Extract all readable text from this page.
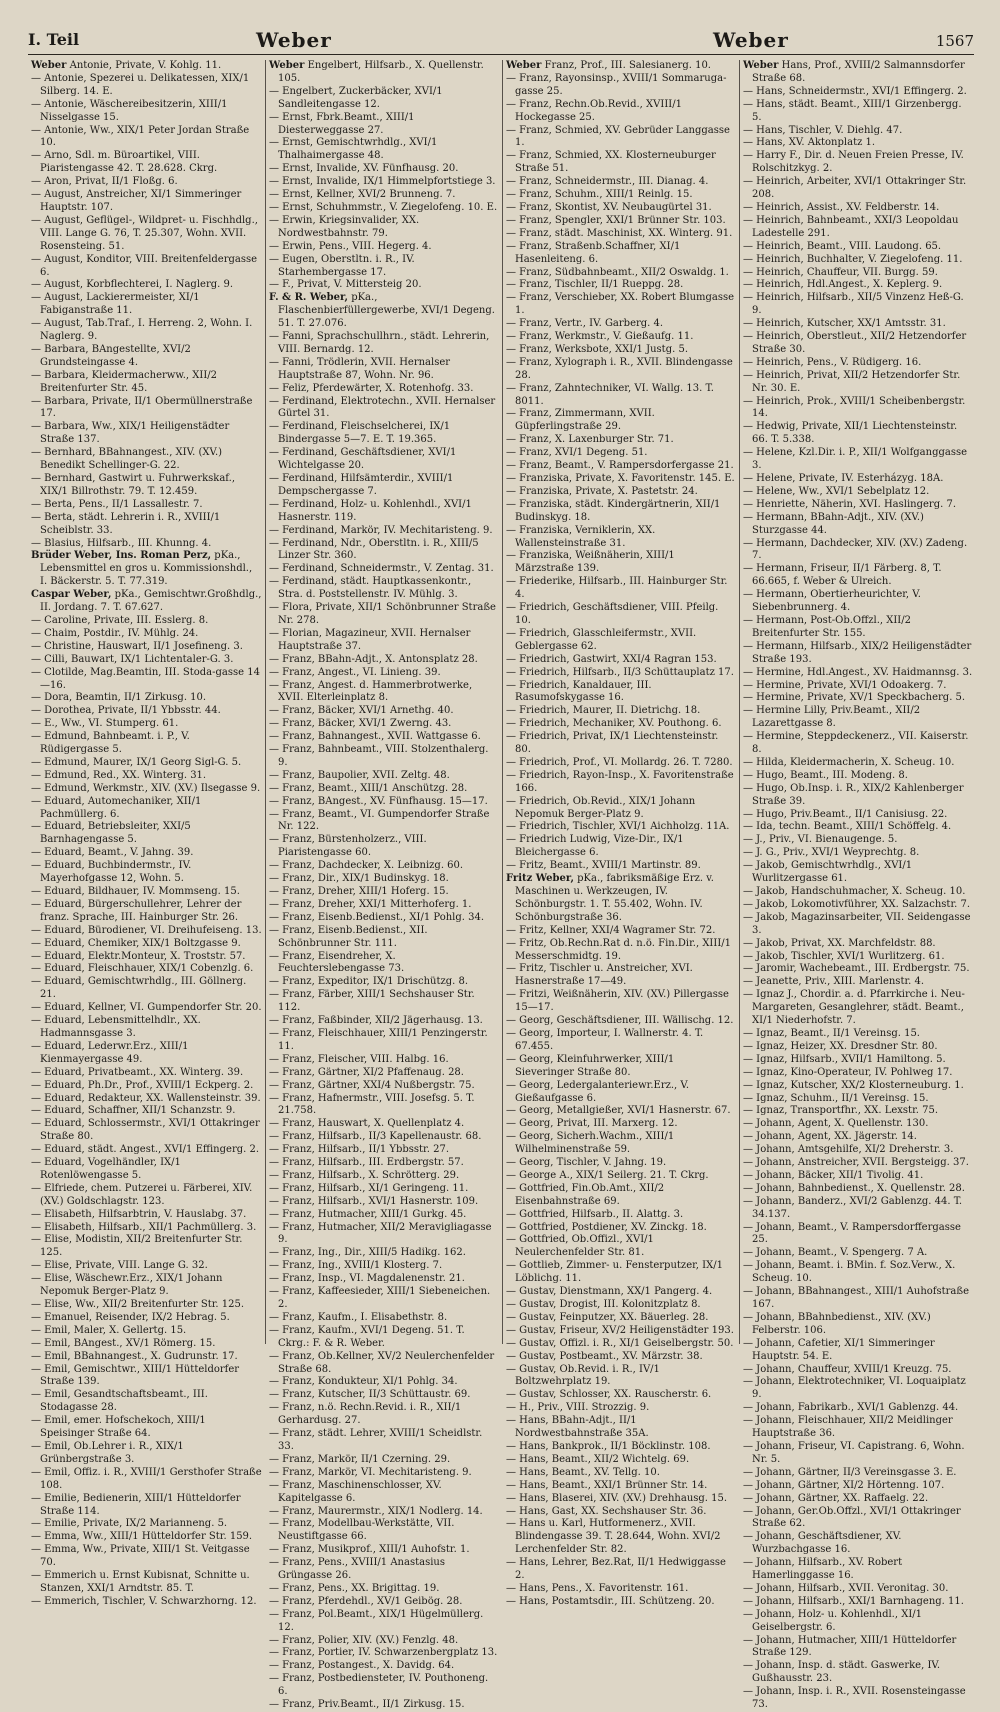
I. Teil	Weber	Weber	1567
Weber Antonie, Private, V. Kohlg. 11.
— Antonie, Spezerei u. Delikatessen, XIX/1 Silberg. 14. E.
— Antonie, Wäschereibesitzerin, XIII/1 Nisselgasse 15.
— Antonie, Ww., XIX/1 Peter Jordan Straße 10.
— Arno, Sdl. m. Büroartikel, VIII. Piaristengasse 42. T. 28.628. Ckrg.
— Aron, Privat, II/1 Floßg. 6.
— August, Anstreicher, XI/1 Simmeringer Hauptstr. 107.
— August, Geflügel-, Wildpret- u. Fischhdlg., VIII. Lange G. 76, T. 25.307, Wohn. XVII. Rosensteing. 51.
— August, Konditor, VIII. Breitenfeldergasse 6.
— August, Korbflechterei, I. Naglerg. 9.
— August, Lackierermeister, XI/1 Fabiganstraße 11.
— August, Tab.Traf., I. Herreng. 2, Wohn. I. Naglerg. 9.
— Barbara, BAngestellte, XVI/2 Grundsteingasse 4.
— Barbara, Kleidermacherww., XII/2 Breitenfurter Str. 45.
— Barbara, Private, II/1 Obermüllnerstraße 17.
— Barbara, Ww., XIX/1 Heiligenstädter Straße 137.
— Bernhard, BBahnangest., XIV. (XV.) Benedikt Schellinger-G. 22.
— Bernhard, Gastwirt u. Fuhrwerkskaf., XIX/1 Billrothstr. 79. T. 12.459.
— Berta, Pens., II/1 Lassallestr. 7.
— Berta, städt. Lehrerin i. R., XVIII/1 Scheiblstr. 33.
— Blasius, Hilfsarb., III. Khunng. 4.
Brüder Weber, Ins. Roman Perz, pKa., Lebensmittel en gros u. Kommissionshdl., I. Bäckerstr. 5. T. 77.319.
Caspar Weber, pKa., Gemischtwr.Großhdlg., II. Jordang. 7. T. 67.627.
— Caroline, Private, III. Esslerg. 8.
— Chaim, Postdir., IV. Mühlg. 24.
— Christine, Hauswart, II/1 Josefineng. 3.
— Cilli, Bauwart, IX/1 Lichtentaler-G. 3.
— Clotilde, Mag.Beamtin, III. Stoda-gasse 14—16.
— Dora, Beamtin, II/1 Zirkusg. 10.
— Dorothea, Private, II/1 Ybbsstr. 44.
— E., Ww., VI. Stumperg. 61.
— Edmund, Bahnbeamt. i. P., V. Rüdigergasse 5.
— Edmund, Maurer, IX/1 Georg Sigl-G. 5.
— Edmund, Red., XX. Winterg. 31.
— Edmund, Werkmstr., XIV. (XV.) Ilsegasse 9.
— Eduard, Automechaniker, XII/1 Pachmüllerg. 6.
— Eduard, Betriebsleiter, XXI/5 Barnhagengasse 5.
— Eduard, Beamt., V. Jahng. 39.
— Eduard, Buchbindermstr., IV. Mayerhofgasse 12, Wohn. 5.
— Eduard, Bildhauer, IV. Mommseng. 15.
— Eduard, Bürgerschullehrer, Lehrer der franz. Sprache, III. Hainburger Str. 26.
— Eduard, Bürodiener, VI. Dreihufeiseng. 13.
— Eduard, Chemiker, XIX/1 Boltzgasse 9.
— Eduard, Elektr.Monteur, X. Troststr. 57.
— Eduard, Fleischhauer, XIX/1 Cobenzlg. 6.
— Eduard, Gemischtwrhdlg., III. Göllnerg. 21.
— Eduard, Kellner, VI. Gumpendorfer Str. 20.
— Eduard, Lebensmittelhdlr., XX. Hadmannsgasse 3.
— Eduard, Lederwr.Erz., XIII/1 Kienmayergasse 49.
— Eduard, Privatbeamt., XX. Winterg. 39.
— Eduard, Ph.Dr., Prof., XVIII/1 Eckperg. 2.
— Eduard, Redakteur, XX. Wallensteinstr. 39.
— Eduard, Schaffner, XII/1 Schanzstr. 9.
— Eduard, Schlossermstr., XVI/1 Ottakringer Straße 80.
— Eduard, städt. Angest., XVI/1 Effingerg. 2.
— Eduard, Vogelhändler, IX/1 Rotenlöwengasse 5.
— Elfriede, chem. Putzerei u. Färberei, XIV. (XV.) Goldschlagstr. 123.
— Elisabeth, Hilfsarbtrin, V. Hauslabg. 37.
— Elisabeth, Hilfsarb., XII/1 Pachmüllerg. 3.
— Elise, Modistin, XII/2 Breitenfurter Str. 125.
— Elise, Private, VIII. Lange G. 32.
— Elise, Wäschewr.Erz., XIX/1 Johann Nepomuk Berger-Platz 9.
— Elise, Ww., XII/2 Breitenfurter Str. 125.
— Emanuel, Reisender, IX/2 Hebrag. 5.
— Emil, Maler, X. Gellertg. 15.
— Emil, BAngest., XV/1 Römerg. 15.
— Emil, BBahnangest., X. Gudrunstr. 17.
— Emil, Gemischtwr., XIII/1 Hütteldorfer Straße 139.
— Emil, Gesandtschaftsbeamt., III. Stodagasse 28.
— Emil, emer. Hofschekoch, XIII/1 Speisinger Straße 64.
— Emil, Ob.Lehrer i. R., XIX/1 Grünbergstraße 3.
— Emil, Offiz. i. R., XVIII/1 Gersthofer Straße 108.
— Emilie, Bedienerin, XIII/1 Hütteldorfer Straße 114.
— Emilie, Private, IX/2 Marianneng. 5.
— Emma, Ww., XIII/1 Hütteldorfer Str. 159.
— Emma, Ww., Private, XIII/1 St. Veitgasse 70.
— Emmerich u. Ernst Kubisnat, Schnitte u. Stanzen, XXI/1 Arndtstr. 85. T.
— Emmerich, Tischler, V. Schwarzhorng. 12.
Weber Engelbert, Hilfsarb., X. Quellenstr. 105.
— Engelbert, Zuckerbäcker, XVI/1 Sandleitengasse 12.
— Ernst, Fbrk.Beamt., XIII/1 Diesterweggasse 27.
— Ernst, Gemischtwrhdlg., XVI/1 Thalhaimergasse 48.
— Ernst, Invalide, XV. Fünfhausg. 20.
— Ernst, Invalide, IX/1 Himmelpfortstiege 3.
— Ernst, Kellner, XVI/2 Brunneng. 7.
— Ernst, Schuhmmstr., V. Ziegelofeng. 10. E.
— Erwin, Kriegsinvalider, XX. Nordwestbahnstr. 79.
— Erwin, Pens., VIII. Hegerg. 4.
— Eugen, Oberstltn. i. R., IV. Starhembergasse 17.
— F., Privat, V. Mittersteig 20.
F. & R. Weber, pKa., Flaschenbierfüllergewerbe, XVI/1 Degeng. 51. T. 27.076.
— Fanni, Sprachschullhrn., städt. Lehrerin, VIII. Bernardg. 12.
— Fanni, Trödlerin, XVII. Hernalser Hauptstraße 87, Wohn. Nr. 96.
— Feliz, Pferdewärter, X. Rotenhofg. 33.
— Ferdinand, Elektrotechn., XVII. Hernalser Gürtel 31.
— Ferdinand, Fleischselcherei, IX/1 Bindergasse 5—7. E. T. 19.365.
— Ferdinand, Geschäftsdiener, XVI/1 Wichtelgasse 20.
— Ferdinand, Hilfsämterdir., XVIII/1 Dempschergasse 7.
— Ferdinand, Holz- u. Kohlenhdl., XVI/1 Hasnerstr. 119.
— Ferdinand, Markör, IV. Mechitaristeng. 9.
— Ferdinand, Ndr., Oberstltn. i. R., XIII/5 Linzer Str. 360.
— Ferdinand, Schneidermstr., V. Zentag. 31.
— Ferdinand, städt. Hauptkassenkontr., Stra. d. Poststellenstr. IV. Mühlg. 3.
— Flora, Private, XII/1 Schönbrunner Straße Nr. 278.
— Florian, Magazineur, XVII. Hernalser Hauptstraße 37.
— Franz, BBahn-Adjt., X. Antonsplatz 28.
— Franz, Angest., VI. Linieng. 39.
— Franz, Angest. d. Hammerbrotwerke, XVII. Elterleinplatz 8.
— Franz, Bäcker, XVI/1 Arnethg. 40.
— Franz, Bäcker, XVI/1 Zwerng. 43.
— Franz, Bahnangest., XVII. Wattgasse 6.
— Franz, Bahnbeamt., VIII. Stolzenthalerg. 9.
— Franz, Baupolier, XVII. Zeltg. 48.
— Franz, Beamt., XIII/1 Anschützg. 28.
— Franz, BAngest., XV. Fünfhausg. 15—17.
— Franz, Beamt., VI. Gumpendorfer Straße Nr. 122.
— Franz, Bürstenholzerz., VIII. Piaristengasse 60.
— Franz, Dachdecker, X. Leibnizg. 60.
— Franz, Dir., XIX/1 Budinskyg. 18.
— Franz, Dreher, XIII/1 Hoferg. 15.
— Franz, Dreher, XXI/1 Mitterhoferg. 1.
— Franz, Eisenb.Bedienst., XI/1 Pohlg. 34.
— Franz, Eisenb.Bedienst., XII. Schönbrunner Str. 111.
— Franz, Eisendreher, X. Feuchterslebengasse 73.
— Franz, Expeditor, IX/1 Drischützg. 8.
— Franz, Färber, XIII/1 Sechshauser Str. 112.
— Franz, Faßbinder, XII/2 Jägerhausg. 13.
— Franz, Fleischhauer, XIII/1 Penzingerstr. 11.
— Franz, Fleischer, VIII. Halbg. 16.
— Franz, Gärtner, XI/2 Pfaffenaug. 28.
— Franz, Gärtner, XXI/4 Nußbergstr. 75.
— Franz, Hafnermstr., VIII. Josefsg. 5. T. 21.758.
— Franz, Hauswart, X. Quellenplatz 4.
— Franz, Hilfsarb., II/3 Kapellenaustr. 68.
— Franz, Hilfsarb., II/1 Ybbsstr. 27.
— Franz, Hilfsarb., III. Erdbergstr. 57.
— Franz, Hilfsarb., X. Schrötterg. 29.
— Franz, Hilfsarb., XI/1 Geringeng. 11.
— Franz, Hilfsarb., XVI/1 Hasnerstr. 109.
— Franz, Hutmacher, XIII/1 Gurkg. 45.
— Franz, Hutmacher, XII/2 Meravigliagasse 9.
— Franz, Ing., Dir., XIII/5 Hadikg. 162.
— Franz, Ing., XVIII/1 Klosterg. 7.
— Franz, Insp., VI. Magdalenenstr. 21.
— Franz, Kaffeesieder, XIII/1 Siebeneichen. 2.
— Franz, Kaufm., I. Elisabethstr. 8.
— Franz, Kaufm., XVI/1 Degeng. 51. T. Ckrg.: F. & R. Weber.
— Franz, Ob.Kellner, XV/2 Neulerchenfelder Straße 68.
— Franz, Kondukteur, XI/1 Pohlg. 34.
— Franz, Kutscher, II/3 Schüttaustr. 69.
— Franz, n.ö. Rechn.Revid. i. R., XII/1 Gerhardusg. 27.
— Franz, städt. Lehrer, XVIII/1 Scheidlstr. 33.
— Franz, Markör, II/1 Czerning. 29.
— Franz, Markör, VI. Mechitaristeng. 9.
— Franz, Maschinenschlosser, XV. Kapitelgasse 6.
— Franz, Maurermstr., XIX/1 Nodlerg. 14.
— Franz, Modellbau-Werkstätte, VII. Neustiftgasse 66.
— Franz, Musikprof., XIII/1 Auhofstr. 1.
— Franz, Pens., XVIII/1 Anastasius Grüngasse 26.
— Franz, Pens., XX. Brigittag. 19.
— Franz, Pferdehdl., XV/1 Geibög. 28.
— Franz, Pol.Beamt., XIX/1 Hügelmüllerg. 12.
— Franz, Polier, XIV. (XV.) Fenzlg. 48.
— Franz, Portier, IV. Schwarzenbergplatz 13.
— Franz, Postangest., X. Davidg. 64.
— Franz, Postbediensteter, IV. Pouthoneng. 6.
— Franz, Priv.Beamt., II/1 Zirkusg. 15.
Weber Franz, Prof., III. Salesianerg. 10.
— Franz, Rayonsinsp., XVIII/1 Sommaruga-gasse 25.
— Franz, Rechn.Ob.Revid., XVIII/1 Hockegasse 25.
— Franz, Schmied, XV. Gebrüder Langgasse 1.
— Franz, Schmied, XX. Klosterneuburger Straße 51.
— Franz, Schneidermstr., III. Dianag. 4.
— Franz, Schuhm., XIII/1 Reinlg. 15.
— Franz, Skontist, XV. Neubaugürtel 31.
— Franz, Spengler, XXI/1 Brünner Str. 103.
— Franz, städt. Maschinist, XX. Winterg. 91.
— Franz, Straßenb.Schaffner, XI/1 Hasenleiteng. 6.
— Franz, Südbahnbeamt., XII/2 Oswaldg. 1.
— Franz, Tischler, II/1 Rueppg. 28.
— Franz, Verschieber, XX. Robert Blumgasse 1.
— Franz, Vertr., IV. Garberg. 4.
— Franz, Werkmstr., V. Gießaufg. 11.
— Franz, Werksbote, XXI/1 Justg. 5.
— Franz, Xylograph i. R., XVII. Blindengasse 28.
— Franz, Zahntechniker, VI. Wallg. 13. T. 8011.
— Franz, Zimmermann, XVII. Güpferlingstraße 29.
— Franz, X. Laxenburger Str. 71.
— Franz, XVI/1 Degeng. 51.
— Franz, Beamt., V. Rampersdorfergasse 21.
— Franziska, Private, X. Favoritenstr. 145. E.
— Franziska, Private, X. Pastetstr. 24.
— Franziska, städt. Kindergärtnerin, XII/1 Budinskyg. 18.
— Franziska, Verniklerin, XX. Wallensteinstraße 31.
— Franziska, Weißnäherin, XIII/1 Märzstraße 139.
— Friederike, Hilfsarb., III. Hainburger Str. 4.
— Friedrich, Geschäftsdiener, VIII. Pfeilg. 10.
— Friedrich, Glasschleifermstr., XVII. Geblergasse 62.
— Friedrich, Gastwirt, XXI/4 Ragran 153.
— Friedrich, Hilfsarb., II/3 Schüttauplatz 17.
— Friedrich, Kanaldauer, III. Rasumofskygasse 16.
— Friedrich, Maurer, II. Dietrichg. 18.
— Friedrich, Mechaniker, XV. Pouthong. 6.
— Friedrich, Privat, IX/1 Liechtensteinstr. 80.
— Friedrich, Prof., VI. Mollardg. 26. T. 7280.
— Friedrich, Rayon-Insp., X. Favoritenstraße 166.
— Friedrich, Ob.Revid., XIX/1 Johann Nepomuk Berger-Platz 9.
— Friedrich, Tischler, XVI/1 Aichholzg. 11A.
— Friedrich Ludwig, Vize-Dir., IX/1 Bleichergasse 6.
— Fritz, Beamt., XVIII/1 Martinstr. 89.
Fritz Weber, pKa., fabriksmäßige Erz. v. Maschinen u. Werkzeugen, IV. Schönburgstr. 1. T. 55.402, Wohn. IV. Schönburgstraße 36.
— Fritz, Kellner, XXI/4 Wagramer Str. 72.
— Fritz, Ob.Rechn.Rat d. n.ö. Fin.Dir., XIII/1 Messerschmidtg. 19.
— Fritz, Tischler u. Anstreicher, XVI. Hasnerstraße 17—49.
— Fritzi, Weißnäherin, XIV. (XV.) Pillergasse 15—17.
— Georg, Geschäftsdiener, III. Wällischg. 12.
— Georg, Importeur, I. Wallnerstr. 4. T. 67.455.
— Georg, Kleinfuhrwerker, XIII/1 Sieveringer Straße 80.
— Georg, Ledergalanteriewr.Erz., V. Gießaufgasse 6.
— Georg, Metallgießer, XVI/1 Hasnerstr. 67.
— Georg, Privat, III. Marxerg. 12.
— Georg, Sicherh.Wachm., XIII/1 Wilhelminenstraße 59.
— Georg, Tischler, V. Jahng. 19.
— George A., XIX/1 Seilerg. 21. T. Ckrg.
— Gottfried, Fin.Ob.Amt., XII/2 Eisenbahnstraße 69.
— Gottfried, Hilfsarb., II. Alattg. 3.
— Gottfried, Postdiener, XV. Zinckg. 18.
— Gottfried, Ob.Offizl., XVI/1 Neulerchenfelder Str. 81.
— Gottlieb, Zimmer- u. Fensterputzer, IX/1 Löblichg. 11.
— Gustav, Dienstmann, XX/1 Pangerg. 4.
— Gustav, Drogist, III. Kolonitzplatz 8.
— Gustav, Feinputzer, XX. Bäuerleg. 28.
— Gustav, Friseur, XV/2 Heiligenstädter 193.
— Gustav, Offizl. i. R., XI/1 Geiselbergstr. 50.
— Gustav, Postbeamt., XV. Märzstr. 38.
— Gustav, Ob.Revid. i. R., IV/1 Boltzwehrplatz 19.
— Gustav, Schlosser, XX. Rauscherstr. 6.
— H., Priv., VIII. Strozzig. 9.
— Hans, BBahn-Adjt., II/1 Nordwestbahnstraße 35A.
— Hans, Bankprok., II/1 Böcklinstr. 108.
— Hans, Beamt., XII/2 Wichtelg. 69.
— Hans, Beamt., XV. Tellg. 10.
— Hans, Beamt., XXI/1 Brünner Str. 14.
— Hans, Blaserei, XIV. (XV.) Drehhausg. 15.
— Hans, Gast, XX. Sechshauser Str. 36.
— Hans u. Karl, Hutformenerz., XVII. Blindengasse 39. T. 28.644, Wohn. XVI/2 Lerchenfelder Str. 82.
— Hans, Lehrer, Bez.Rat, II/1 Hedwiggasse 2.
— Hans, Pens., X. Favoritenstr. 161.
— Hans, Postamtsdir., III. Schützeng. 20.
Weber Hans, Prof., XVIII/2 Salmannsdorfer Straße 68.
— Hans, Schneidermstr., XVI/1 Effingerg. 2.
— Hans, städt. Beamt., XIII/1 Girzenbergg. 5.
— Hans, Tischler, V. Diehlg. 47.
— Hans, XV. Aktonplatz 1.
— Harry F., Dir. d. Neuen Freien Presse, IV. Rolschitzkyg. 2.
— Heinrich, Arbeiter, XVI/1 Ottakringer Str. 208.
— Heinrich, Assist., XV. Feldberstr. 14.
— Heinrich, Bahnbeamt., XXI/3 Leopoldau Ladestelle 291.
— Heinrich, Beamt., VIII. Laudong. 65.
— Heinrich, Buchhalter, V. Ziegelofeng. 11.
— Heinrich, Chauffeur, VII. Burgg. 59.
— Heinrich, Hdl.Angest., X. Keplerg. 9.
— Heinrich, Hilfsarb., XII/5 Vinzenz Heß-G. 9.
— Heinrich, Kutscher, XX/1 Amtsstr. 31.
— Heinrich, Oberstleut., XII/2 Hetzendorfer Straße 30.
— Heinrich, Pens., V. Rüdigerg. 16.
— Heinrich, Privat, XII/2 Hetzendorfer Str. Nr. 30. E.
— Heinrich, Prok., XVIII/1 Scheibenbergstr. 14.
— Hedwig, Private, XII/1 Liechtensteinstr. 66. T. 5.338.
— Helene, Kzl.Dir. i. P., XII/1 Wolfganggasse 3.
— Helene, Private, IV. Esterházyg. 18A.
— Helene, Ww., XVI/1 Sebelplatz 12.
— Henriette, Näherin, XVI. Haslingerg. 7.
— Hermann, BBahn-Adjt., XIV. (XV.) Sturzgasse 44.
— Hermann, Dachdecker, XIV. (XV.) Zadeng. 7.
— Hermann, Friseur, II/1 Färberg. 8, T. 66.665, f. Weber & Ulreich.
— Hermann, Obertierheurichter, V. Siebenbrunnerg. 4.
— Hermann, Post-Ob.Offzl., XII/2 Breitenfurter Str. 155.
— Hermann, Hilfsarb., XIX/2 Heiligenstädter Straße 193.
— Hermine, Hdl.Angest., XV. Haidmannsg. 3.
— Hermine, Private, XVI/1 Odoakerg. 7.
— Hermine, Private, XV/1 Speckbacherg. 5.
— Hermine Lilly, Priv.Beamt., XII/2 Lazarettgasse 8.
— Hermine, Steppdeckenerz., VII. Kaiserstr. 8.
— Hilda, Kleidermacherin, X. Scheug. 10.
— Hugo, Beamt., III. Modeng. 8.
— Hugo, Ob.Insp. i. R., XIX/2 Kahlenberger Straße 39.
— Hugo, Priv.Beamt., II/1 Canisiusg. 22.
— Ida, techn. Beamt., XIII/1 Schöffelg. 4.
— J., Priv., VI. Bienaugenge. 5.
— J. G., Priv., XVI/1 Weyprechtg. 8.
— Jakob, Gemischtwrhdlg., XVI/1 Wurlitzergasse 61.
— Jakob, Handschuhmacher, X. Scheug. 10.
— Jakob, Lokomotivführer, XX. Salzachstr. 7.
— Jakob, Magazinsarbeiter, VII. Seidengasse 3.
— Jakob, Privat, XX. Marchfeldstr. 88.
— Jakob, Tischler, XVI/1 Wurlitzerg. 61.
— Jaromir, Wachebeamt., III. Erdbergstr. 75.
— Jeanette, Priv., XIII. Marlenstr. 4.
— Ignaz J., Chordir. a. d. Pfarrkirche i. Neu-Margareten, Gesanglehrer, städt. Beamt., XI/1 Niederhofstr. 7.
— Ignaz, Beamt., II/1 Vereinsg. 15.
— Ignaz, Heizer, XX. Dresdner Str. 80.
— Ignaz, Hilfsarb., XVII/1 Hamiltong. 5.
— Ignaz, Kino-Operateur, IV. Pohlweg 17.
— Ignaz, Kutscher, XX/2 Klosterneuburg. 1.
— Ignaz, Schuhm., II/1 Vereinsg. 15.
— Ignaz, Transportfhr., XX. Lexstr. 75.
— Johann, Agent, X. Quellenstr. 130.
— Johann, Agent, XX. Jägerstr. 14.
— Johann, Amtsgehilfe, XI/2 Dreherstr. 3.
— Johann, Anstreicher, XVII. Bergsteigg. 37.
— Johann, Bäcker, XII/1 Tivolig. 41.
— Johann, Bahnbedienst., X. Quellenstr. 28.
— Johann, Banderz., XVI/2 Gablenzg. 44. T. 34.137.
— Johann, Beamt., V. Rampersdorffergasse 25.
— Johann, Beamt., V. Spengerg. 7 A.
— Johann, Beamt. i. BMin. f. Soz.Verw., X. Scheug. 10.
— Johann, BBahnangest., XIII/1 Auhofstraße 167.
— Johann, BBahnbedienst., XIV. (XV.) Felberstr. 106.
— Johann, Cafetier, XI/1 Simmeringer Hauptstr. 54. E.
— Johann, Chauffeur, XVIII/1 Kreuzg. 75.
— Johann, Elektrotechniker, VI. Loquaiplatz 9.
— Johann, Fabrikarb., XVI/1 Gablenzg. 44.
— Johann, Fleischhauer, XII/2 Meidlinger Hauptstraße 36.
— Johann, Friseur, VI. Capistrang. 6, Wohn. Nr. 5.
— Johann, Gärtner, II/3 Vereinsgasse 3. E.
— Johann, Gärtner, XI/2 Hörtenng. 107.
— Johann, Gärtner, XX. Raffaelg. 22.
— Johann, Ger.Ob.Offzl., XVI/1 Ottakringer Straße 62.
— Johann, Geschäftsdiener, XV. Wurzbachgasse 16.
— Johann, Hilfsarb., XV. Robert Hamerlinggasse 16.
— Johann, Hilfsarb., XVII. Veronitag. 30.
— Johann, Hilfsarb., XXI/1 Barnhageng. 11.
— Johann, Holz- u. Kohlenhdl., XI/1 Geiselbergstr. 6.
— Johann, Hutmacher, XIII/1 Hütteldorfer Straße 129.
— Johann, Insp. d. städt. Gaswerke, IV. Gußhausstr. 23.
— Johann, Insp. i. R., XVII. Rosensteingasse 73.
